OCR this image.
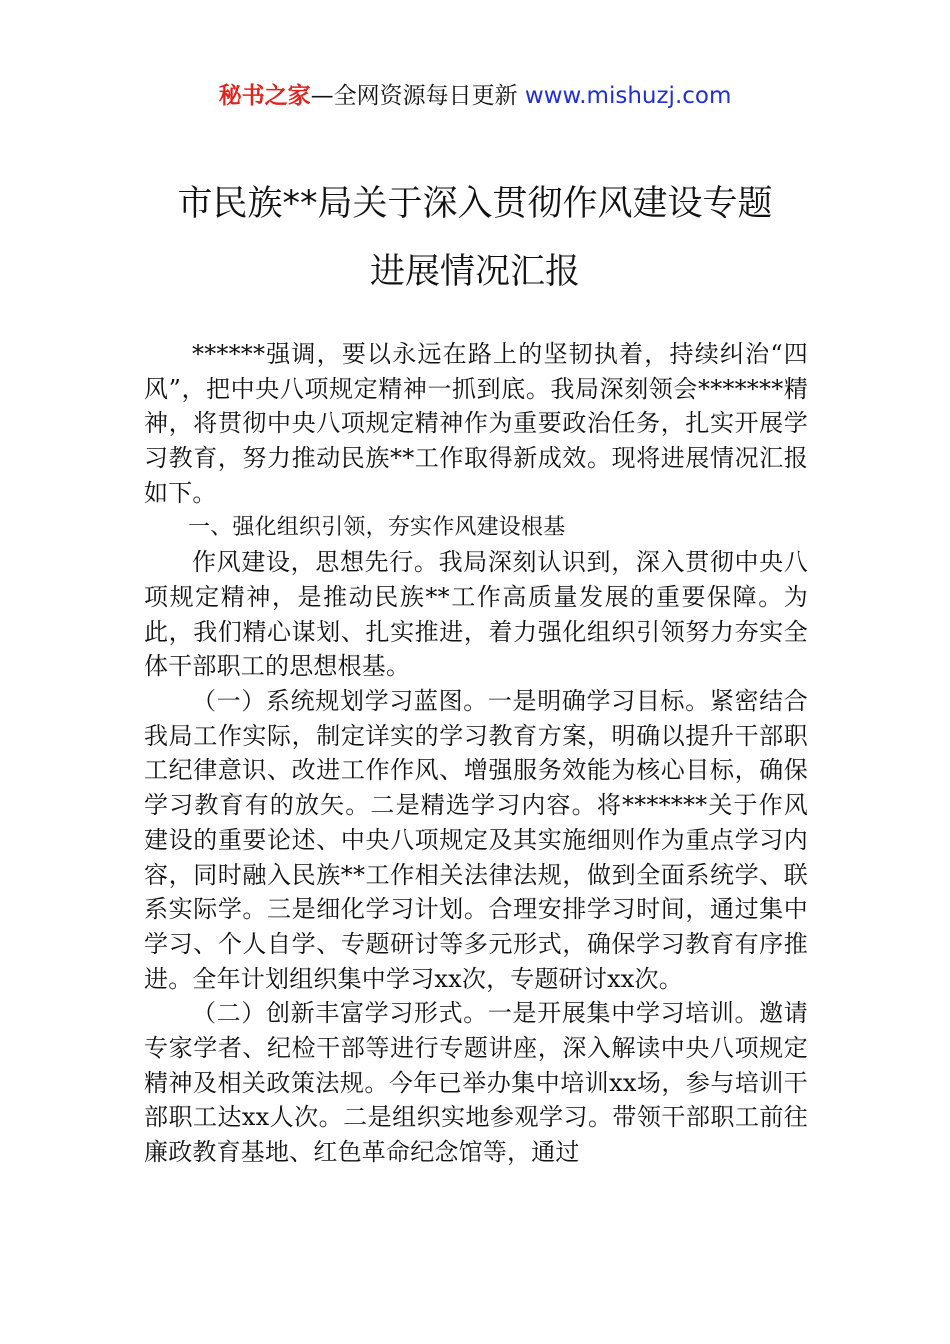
秘书之家—全网资源每日更新 www.mishuzj.com
市民族**局关于深入贯彻作风建设专题
进展情况汇报

******强调，要以永远在路上的坚韧执着，持续纠治“四风”，把中央八项规定精神一抓到底。我局深刻领会*******精神，将贯彻中央八项规定精神作为重要政治任务，扎实开展学习教育，努力推动民族**工作取得新成效。现将进展情况汇报如下。

一、强化组织引领，夯实作风建设根基

作风建设，思想先行。我局深刻认识到，深入贯彻中央八项规定精神，是推动民族**工作高质量发展的重要保障。为此，我们精心谋划、扎实推进，着力强化组织引领努力夯实全体干部职工的思想根基。

（一）系统规划学习蓝图。一是明确学习目标。紧密结合我局工作实际，制定详实的学习教育方案，明确以提升干部职工纪律意识、改进工作作风、增强服务效能为核心目标，确保学习教育有的放矢。二是精选学习内容。将*******关于作风建设的重要论述、中央八项规定及其实施细则作为重点学习内容，同时融入民族**工作相关法律法规，做到全面系统学、联系实际学。三是细化学习计划。合理安排学习时间，通过集中学习、个人自学、专题研讨等多元形式，确保学习教育有序推进。全年计划组织集中学习xx次，专题研讨xx次。

（二）创新丰富学习形式。一是开展集中学习培训。邀请专家学者、纪检干部等进行专题讲座，深入解读中央八项规定精神及相关政策法规。今年已举办集中培训xx场，参与培训干部职工达xx人次。二是组织实地参观学习。带领干部职工前往廉政教育基地、红色革命纪念馆等，通过
